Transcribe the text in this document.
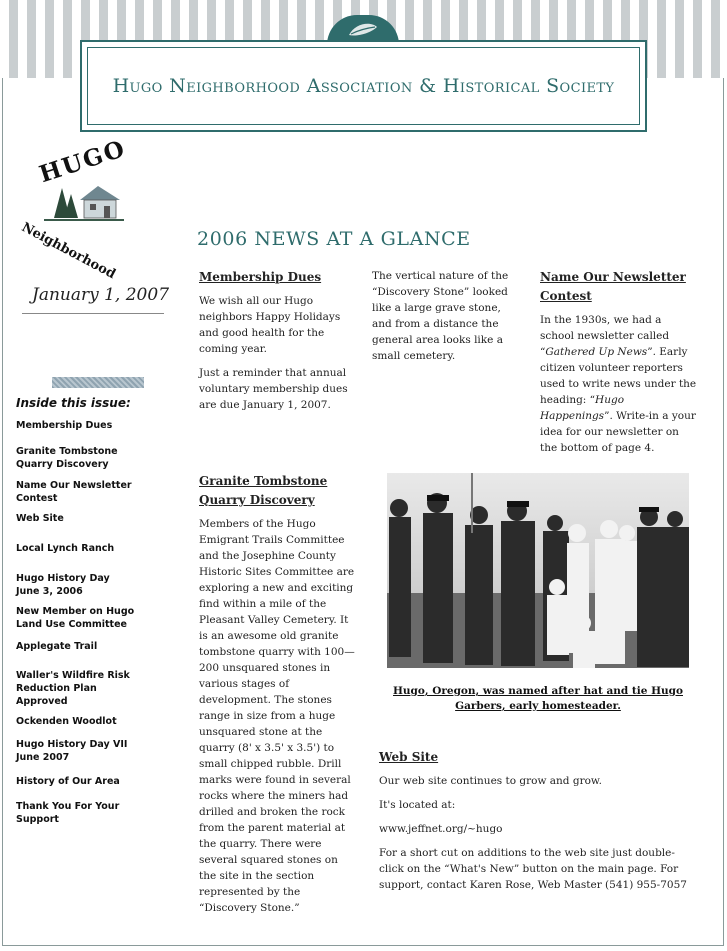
Hugo Neighborhood Association & Historical Society
HUGO
Neighborhood
January 1, 2007
Inside this issue:
Membership Dues
Granite Tombstone Quarry Discovery
Name Our Newsletter Contest
Web Site
Local Lynch Ranch
Hugo History Day June 3, 2006
New Member on Hugo Land Use Committee
Applegate Trail
Waller's Wildfire Risk Reduction Plan Approved
Ockenden Woodlot
Hugo History Day VII June 2007
History of Our Area
Thank You For Your Support
2006 NEWS AT A GLANCE
Membership Dues

We wish all our Hugo neighbors Happy Holidays and good health for the coming year.

Just a reminder that annual voluntary membership dues are due January 1, 2007.

The vertical nature of the “Discovery Stone” looked like a large grave stone, and from a distance the general area looks like a small cemetery.

Name Our Newsletter Contest

In the 1930s, we had a school newsletter called “Gathered Up News”. Early citizen volunteer reporters used to write news under the heading: “Hugo Happenings”. Write-in a your idea for our newsletter on the bottom of page 4.

Granite Tombstone Quarry Discovery

Members of the Hugo Emigrant Trails Committee and the Josephine County Historic Sites Committee are exploring a new and exciting find within a mile of the Pleasant Valley Cemetery. It is an awesome old granite tombstone quarry with 100—200 unsquared stones in various stages of development. The stones range in size from a huge unsquared stone at the quarry (8' x 3.5' x 3.5') to small chipped rubble. Drill marks were found in several rocks where the miners had drilled and broken the rock from the parent material at the quarry. There were several squared stones on the site in the section represented by the “Discovery Stone.”

Hugo, Oregon, was named after hat and tie Hugo Garbers, early homesteader.
Web Site

Our web site continues to grow and grow.

It's located at:

www.jeffnet.org/~hugo

For a short cut on additions to the web site just double-click on the “What's New” button on the main page. For support, contact Karen Rose, Web Master (541) 955-7057
